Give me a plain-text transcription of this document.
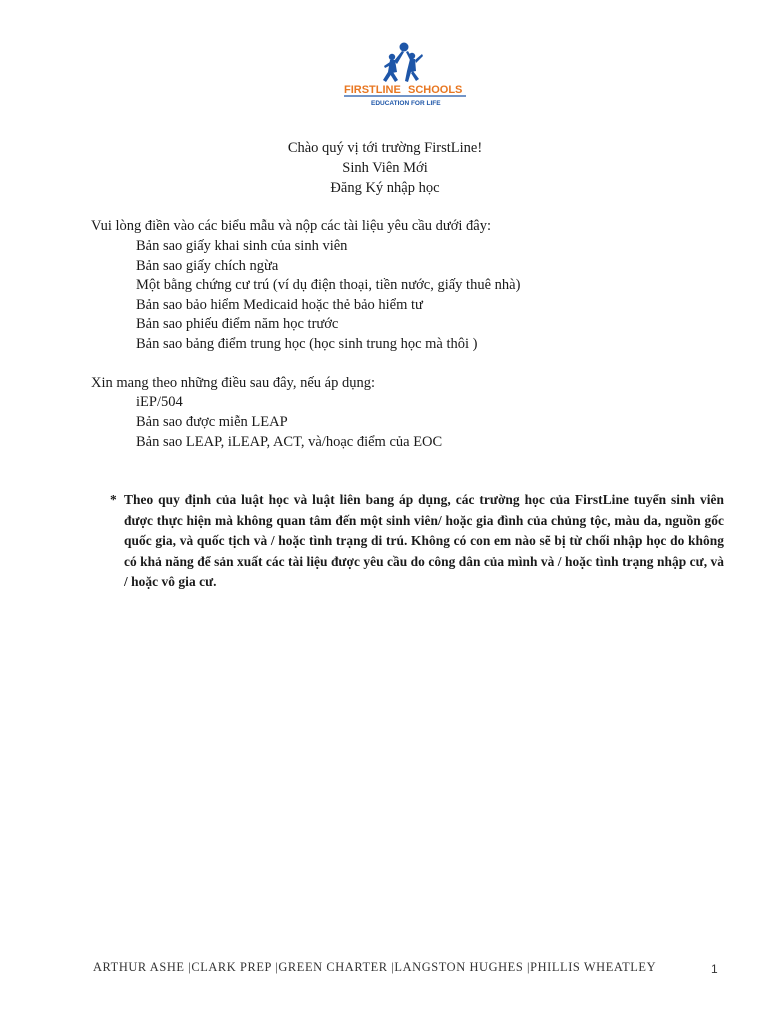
FIRSTLINE SCHOOLS
EDUCATION FOR LIFE
Chào quý vị tới trường FirstLine!
Sinh Viên Mới
Đăng Ký nhập học
Vui lòng điền vào các biểu mẫu và nộp các tài liệu yêu cầu dưới đây:
Bản sao giấy khai sinh của sinh viên
Bản sao giấy chích ngừa
Một bằng chứng cư trú (ví dụ điện thoại, tiền nước, giấy thuê nhà)
Bản sao bảo hiểm Medicaid hoặc thẻ bảo hiểm tư
Bản sao phiếu điểm năm học trước
Bản sao bảng điểm trung học (học sinh trung học mà thôi )
Xin mang theo những điều sau đây, nếu áp dụng:
iEP/504
Bản sao được miễn LEAP
Bản sao LEAP, iLEAP, ACT, và/hoạc điểm của EOC
* Theo quy định của luật học và luật liên bang áp dụng, các trường học của FirstLine tuyển sinh viên được thực hiện mà không quan tâm đến một sinh viên/ hoặc gia đình của chủng tộc, màu da, nguồn gốc quốc gia, và quốc tịch và / hoặc tình trạng di trú. Không có con em nào sẽ bị từ chối nhập học do không có khả năng để sản xuất các tài liệu được yêu cầu do công dân của mình và / hoặc tình trạng nhập cư, và / hoặc vô gia cư.
ARTHUR ASHE |CLARK PREP |GREEN CHARTER |LANGSTON HUGHES |PHILLIS WHEATLEY	1
